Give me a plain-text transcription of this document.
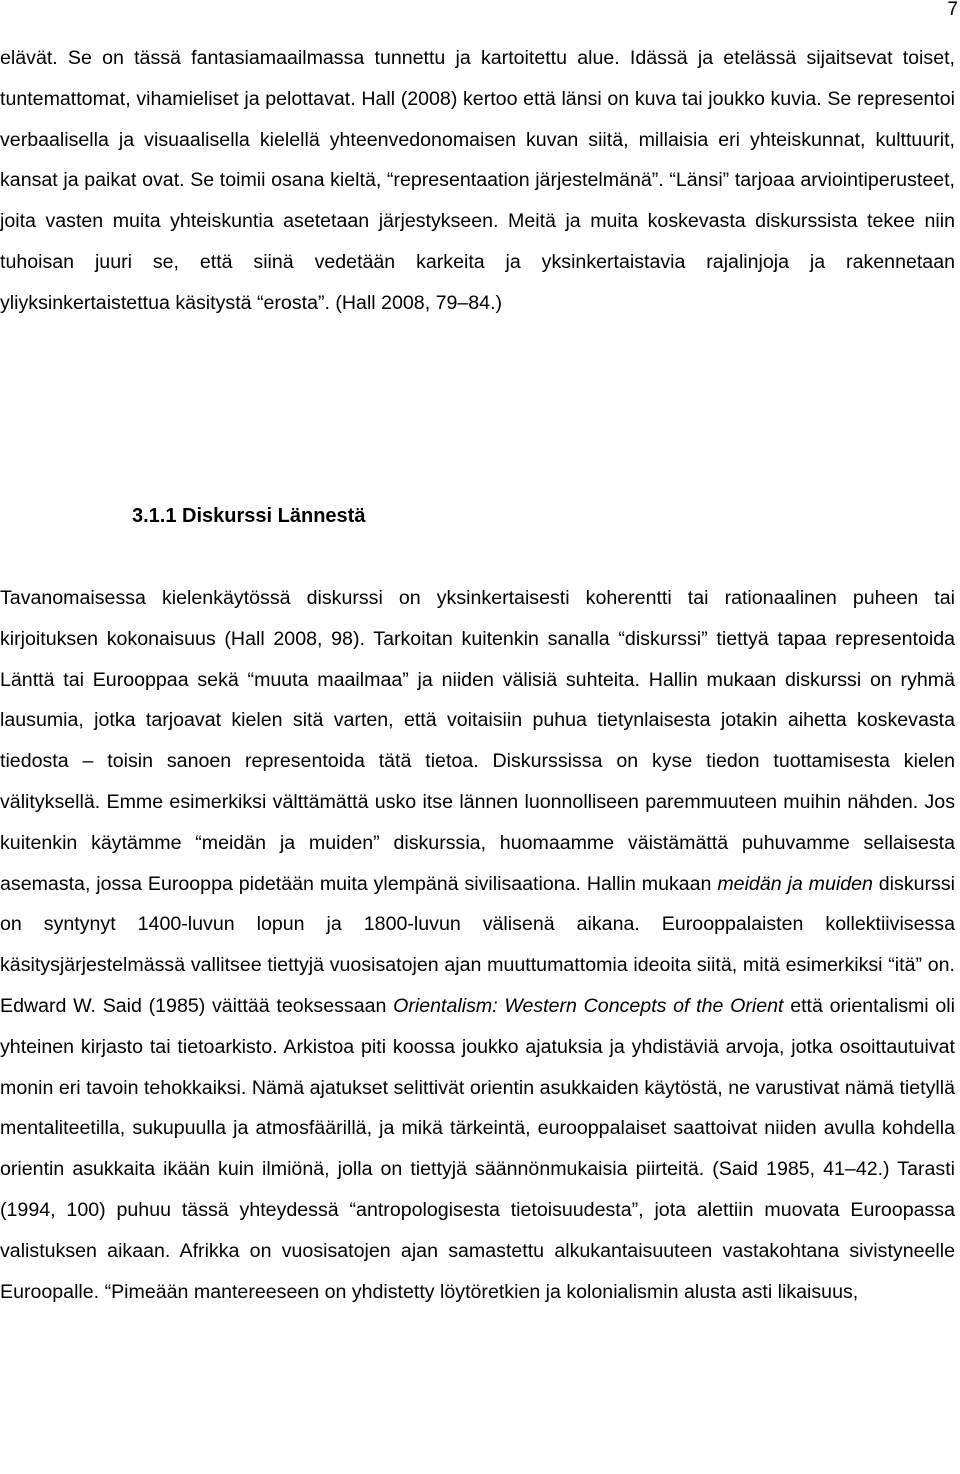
7

elävät. Se on tässä fantasiamaailmassa tunnettu ja kartoitettu alue. Idässä ja etelässä sijaitsevat toiset, tuntemattomat, vihamieliset ja pelottavat. Hall (2008) kertoo että länsi on kuva tai joukko kuvia. Se representoi verbaalisella ja visuaalisella kielellä yhteenvedonomaisen kuvan siitä, millaisia eri yhteiskunnat, kulttuurit, kansat ja paikat ovat. Se toimii osana kieltä, “representaation järjestelmänä”. “Länsi” tarjoaa arviointiperusteet, joita vasten muita yhteiskuntia asetetaan järjestykseen. Meitä ja muita koskevasta diskurssista tekee niin tuhoisan juuri se, että siinä vedetään karkeita ja yksinkertaistavia rajalinjoja ja rakennetaan yliyksinkertaistettua käsitystä “erosta”. (Hall 2008, 79–84.)

3.1.1 Diskurssi Lännestä

Tavanomaisessa kielenkäytössä diskurssi on yksinkertaisesti koherentti tai rationaalinen puheen tai kirjoituksen kokonaisuus (Hall 2008, 98). Tarkoitan kuitenkin sanalla “diskurssi” tiettyä tapaa representoida Länttä tai Eurooppaa sekä “muuta maailmaa” ja niiden välisiä suhteita. Hallin mukaan diskurssi on ryhmä lausumia, jotka tarjoavat kielen sitä varten, että voitaisiin puhua tietynlaisesta jotakin aihetta koskevasta tiedosta – toisin sanoen representoida tätä tietoa. Diskurssissa on kyse tiedon tuottamisesta kielen välityksellä. Emme esimerkiksi välttämättä usko itse lännen luonnolliseen paremmuuteen muihin nähden. Jos kuitenkin käytämme “meidän ja muiden” diskurssia, huomaamme väistämättä puhuvamme sellaisesta asemasta, jossa Eurooppa pidetään muita ylempänä sivilisaationa. Hallin mukaan meidän ja muiden diskurssi on syntynyt 1400-luvun lopun ja 1800-luvun välisenä aikana. Eurooppalaisten kollektiivisessa käsitysjärjestelmässä vallitsee tiettyjä vuosisatojen ajan muuttumattomia ideoita siitä, mitä esimerkiksi “itä” on. Edward W. Said (1985) väittää teoksessaan Orientalism: Western Concepts of the Orient että orientalismi oli yhteinen kirjasto tai tietoarkisto. Arkistoa piti koossa joukko ajatuksia ja yhdistäviä arvoja, jotka osoittautuivat monin eri tavoin tehokkaiksi. Nämä ajatukset selittivät orientin asukkaiden käytöstä, ne varustivat nämä tietyllä mentaliteetilla, sukupuulla ja atmosfäärillä, ja mikä tärkeintä, eurooppalaiset saattoivat niiden avulla kohdella orientin asukkaita ikään kuin ilmiönä, jolla on tiettyjä säännönmukaisia piirteitä. (Said 1985, 41–42.) Tarasti (1994, 100) puhuu tässä yhteydessä “antropologisesta tietoisuudesta”, jota alettiin muovata Euroopassa valistuksen aikaan. Afrikka on vuosisatojen ajan samastettu alkukantaisuuteen vastakohtana sivistyneelle Euroopalle. “Pimeään mantereeseen on yhdistetty löytöretkien ja kolonialismin alusta asti likaisuus,
